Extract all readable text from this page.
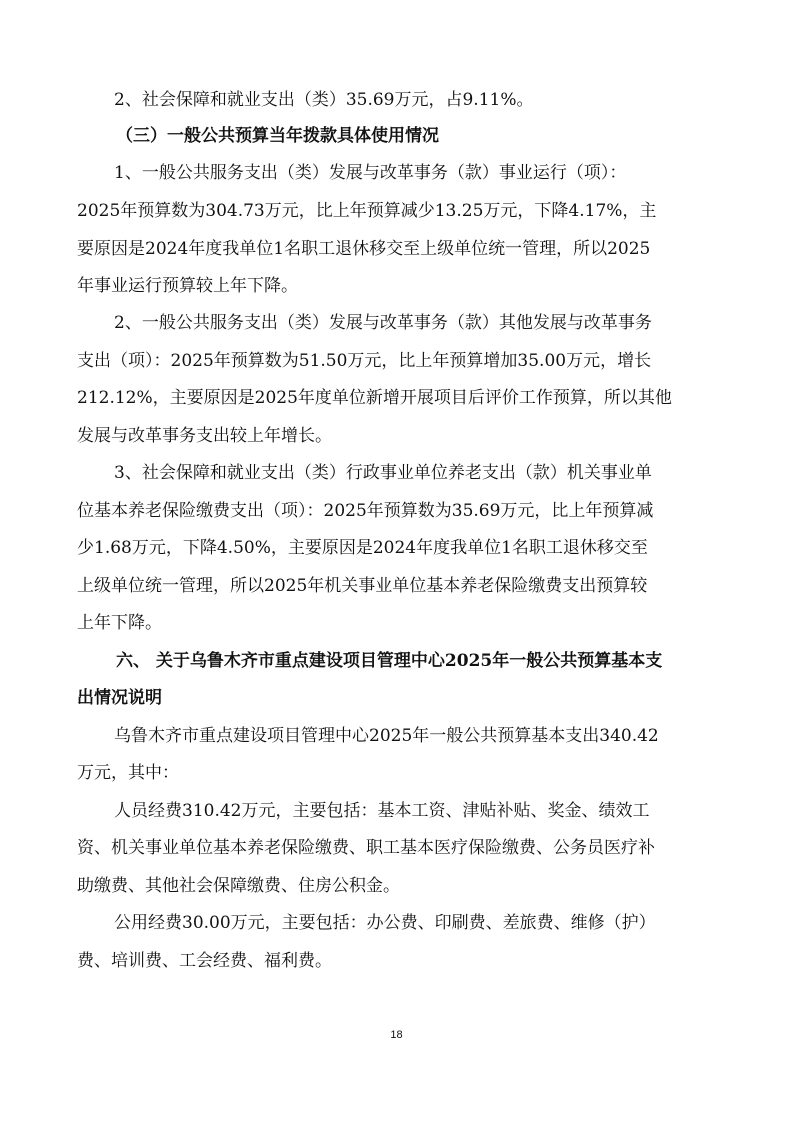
2、社会保障和就业支出（类）35.69万元，占9.11%。
（三）一般公共预算当年拨款具体使用情况
1、一般公共服务支出（类）发展与改革事务（款）事业运行（项）：
2025年预算数为304.73万元，比上年预算减少13.25万元，下降4.17%，主
要原因是2024年度我单位1名职工退休移交至上级单位统一管理，所以2025
年事业运行预算较上年下降。
2、一般公共服务支出（类）发展与改革事务（款）其他发展与改革事务
支出（项）：2025年预算数为51.50万元，比上年预算增加35.00万元，增长
212.12%，主要原因是2025年度单位新增开展项目后评价工作预算，所以其他
发展与改革事务支出较上年增长。
3、社会保障和就业支出（类）行政事业单位养老支出（款）机关事业单
位基本养老保险缴费支出（项）：2025年预算数为35.69万元，比上年预算减
少1.68万元，下降4.50%，主要原因是2024年度我单位1名职工退休移交至
上级单位统一管理，所以2025年机关事业单位基本养老保险缴费支出预算较
上年下降。
六、 关于乌鲁木齐市重点建设项目管理中心2025年一般公共预算基本支
出情况说明
乌鲁木齐市重点建设项目管理中心2025年一般公共预算基本支出340.42
万元，其中：
人员经费310.42万元，主要包括：基本工资、津贴补贴、奖金、绩效工
资、机关事业单位基本养老保险缴费、职工基本医疗保险缴费、公务员医疗补
助缴费、其他社会保障缴费、住房公积金。
公用经费30.00万元，主要包括：办公费、印刷费、差旅费、维修（护）
费、培训费、工会经费、福利费。
18
